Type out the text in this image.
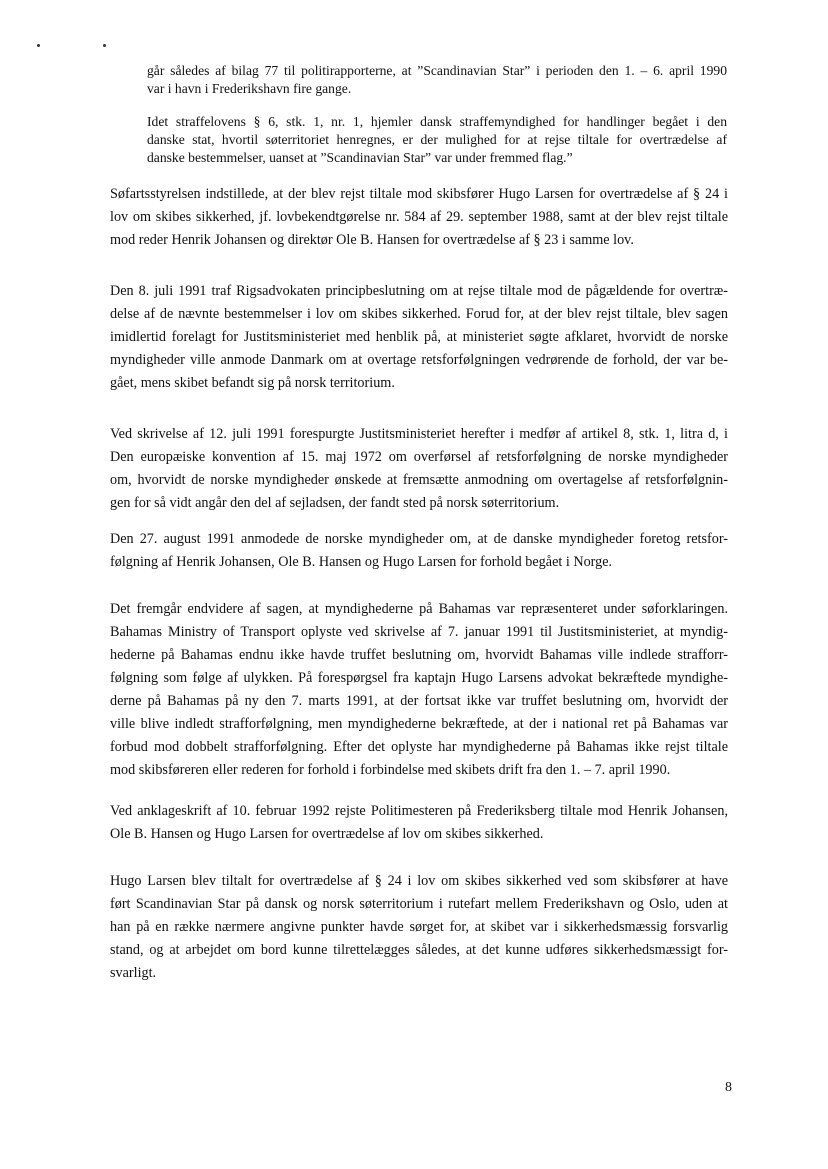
går således af bilag 77 til politirapporterne, at ”Scandinavian Star” i perioden den 1. – 6. april 1990
var i havn i Frederikshavn fire gange.
Idet straffelovens § 6, stk. 1, nr. 1, hjemler dansk straffemyndighed for handlinger begået i den
danske stat, hvortil søterritoriet henregnes, er der mulighed for at rejse tiltale for overtrædelse af
danske bestemmelser, uanset at ”Scandinavian Star” var under fremmed flag.”
Søfartsstyrelsen indstillede, at der blev rejst tiltale mod skibsfører Hugo Larsen for overtrædelse af § 24 i
lov om skibes sikkerhed, jf. lovbekendtgørelse nr. 584 af 29. september 1988, samt at der blev rejst tiltale
mod reder Henrik Johansen og direktør Ole B. Hansen for overtrædelse af § 23 i samme lov.
Den 8. juli 1991 traf Rigsadvokaten principbeslutning om at rejse tiltale mod de pågældende for overtræ-
delse af de nævnte bestemmelser i lov om skibes sikkerhed. Forud for, at der blev rejst tiltale, blev sagen
imidlertid forelagt for Justitsministeriet med henblik på, at ministeriet søgte afklaret, hvorvidt de norske
myndigheder ville anmode Danmark om at overtage retsforfølgningen vedrørende de forhold, der var be-
gået, mens skibet befandt sig på norsk territorium.
Ved skrivelse af 12. juli 1991 forespurgte Justitsministeriet herefter i medfør af artikel 8, stk. 1, litra d, i
Den europæiske konvention af 15. maj 1972 om overførsel af retsforfølgning de norske myndigheder
om, hvorvidt de norske myndigheder ønskede at fremsætte anmodning om overtagelse af retsforfølgnin-
gen for så vidt angår den del af sejladsen, der fandt sted på norsk søterritorium.
Den 27. august 1991 anmodede de norske myndigheder om, at de danske myndigheder foretog retsfor-
følgning af Henrik Johansen, Ole B. Hansen og Hugo Larsen for forhold begået i Norge.
Det fremgår endvidere af sagen, at myndighederne på Bahamas var repræsenteret under søforklaringen.
Bahamas Ministry of Transport oplyste ved skrivelse af 7. januar 1991 til Justitsministeriet, at myndig-
hederne på Bahamas endnu ikke havde truffet beslutning om, hvorvidt Bahamas ville indlede strafforr-
følgning som følge af ulykken. På forespørgsel fra kaptajn Hugo Larsens advokat bekræftede myndighe-
derne på Bahamas på ny den 7. marts 1991, at der fortsat ikke var truffet beslutning om, hvorvidt der
ville blive indledt strafforfølgning, men myndighederne bekræftede, at der i national ret på Bahamas var
forbud mod dobbelt strafforfølgning. Efter det oplyste har myndighederne på Bahamas ikke rejst tiltale
mod skibsføreren eller rederen for forhold i forbindelse med skibets drift fra den 1. – 7. april 1990.
Ved anklageskrift af 10. februar 1992 rejste Politimesteren på Frederiksberg tiltale mod Henrik Johansen,
Ole B. Hansen og Hugo Larsen for overtrædelse af lov om skibes sikkerhed.
Hugo Larsen blev tiltalt for overtrædelse af § 24 i lov om skibes sikkerhed ved som skibsfører at have
ført Scandinavian Star på dansk og norsk søterritorium i rutefart mellem Frederikshavn og Oslo, uden at
han på en række nærmere angivne punkter havde sørget for, at skibet var i sikkerhedsmæssig forsvarlig
stand, og at arbejdet om bord kunne tilrettelægges således, at det kunne udføres sikkerhedsmæssigt for-
svarligt.
8
